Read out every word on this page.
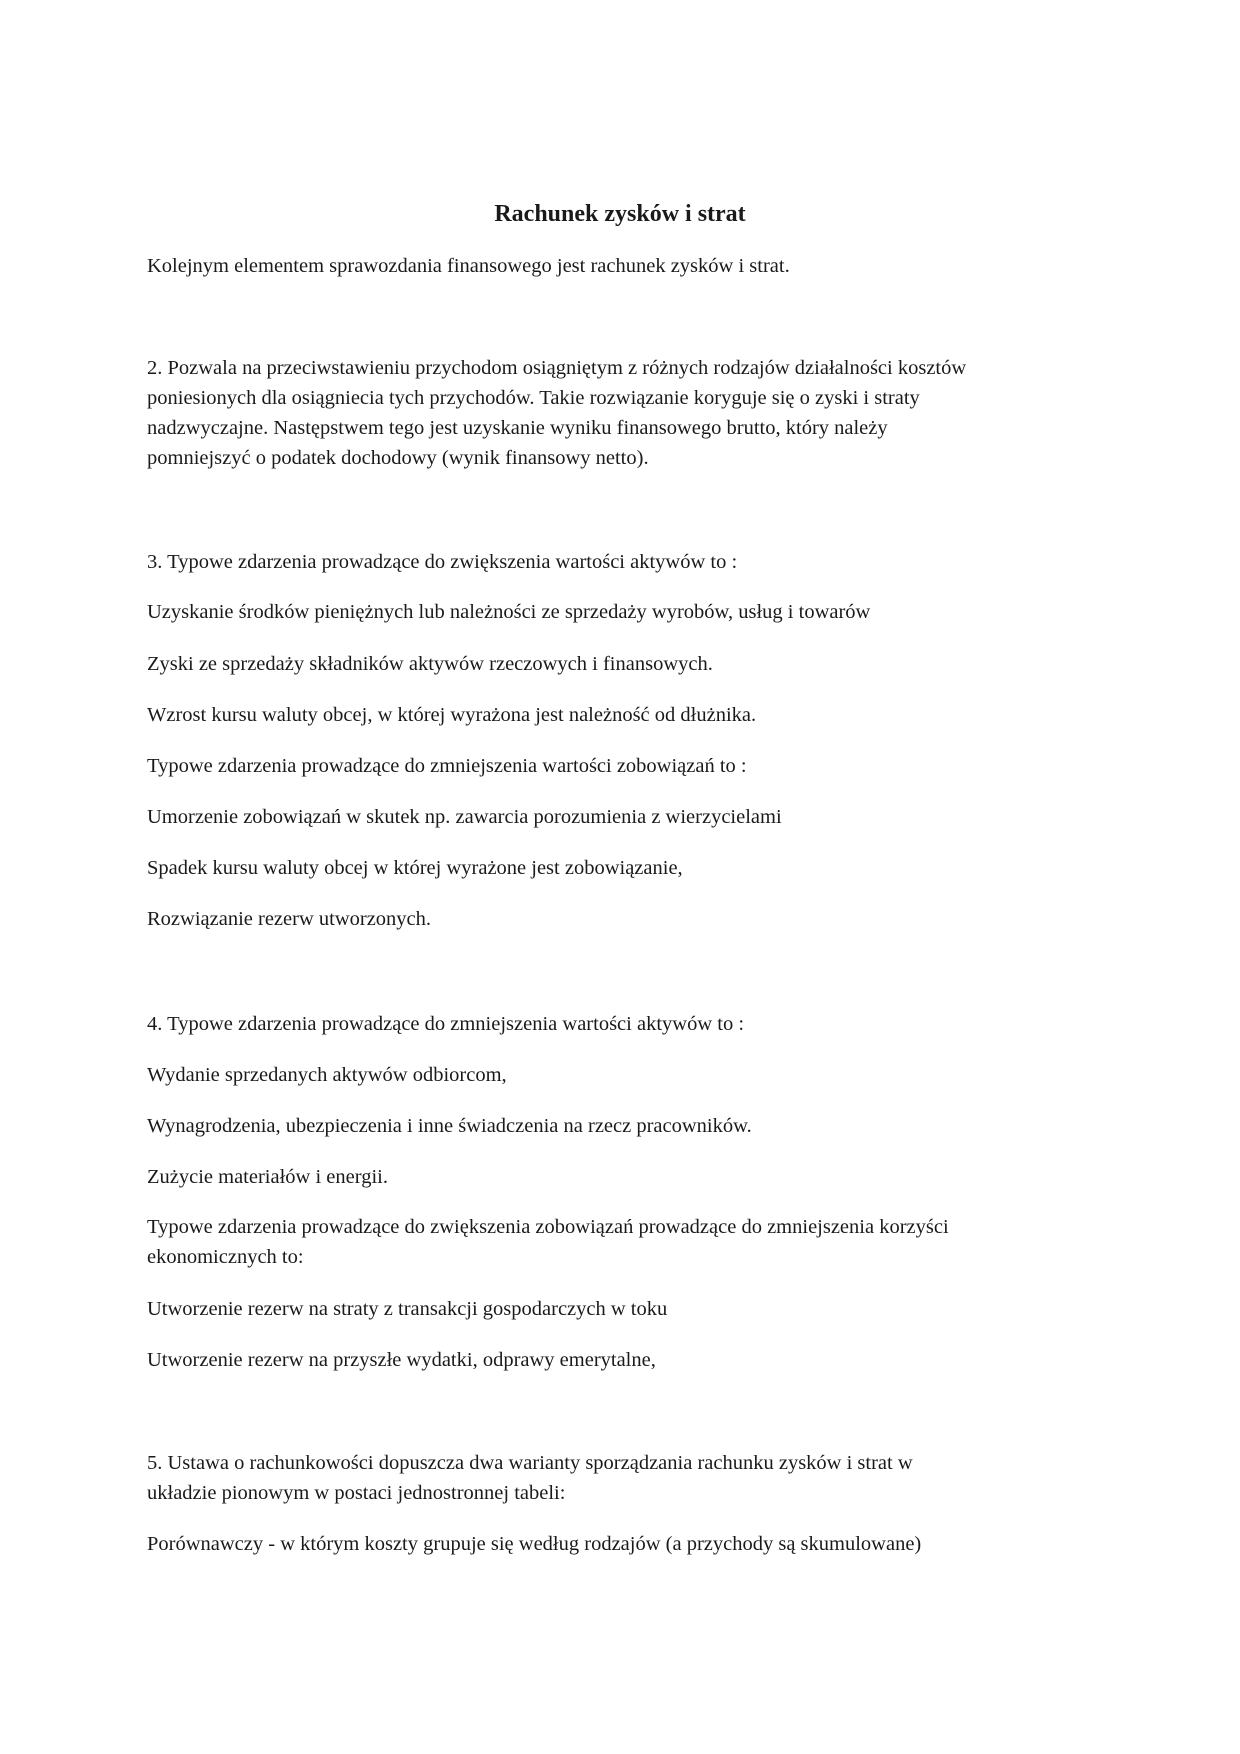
Rachunek zysków i strat
Kolejnym elementem sprawozdania finansowego jest rachunek zysków i strat.
2. Pozwala na przeciwstawieniu przychodom osiągniętym z różnych rodzajów działalności kosztów
poniesionych dla osiągniecia tych przychodów. Takie rozwiązanie koryguje się o zyski i straty
nadzwyczajne. Następstwem tego jest uzyskanie wyniku finansowego brutto, który należy
pomniejszyć o podatek dochodowy (wynik finansowy netto).
3. Typowe zdarzenia prowadzące do zwiększenia wartości aktywów to :
Uzyskanie środków pieniężnych lub należności ze sprzedaży wyrobów, usług i towarów
Zyski ze sprzedaży składników aktywów rzeczowych i finansowych.
Wzrost kursu waluty obcej, w której wyrażona jest należność od dłużnika.
Typowe zdarzenia prowadzące do zmniejszenia wartości zobowiązań to :
Umorzenie zobowiązań w skutek np. zawarcia porozumienia z wierzycielami
Spadek kursu waluty obcej w której wyrażone jest zobowiązanie,
Rozwiązanie rezerw utworzonych.
4. Typowe zdarzenia prowadzące do zmniejszenia wartości aktywów to :
Wydanie sprzedanych aktywów odbiorcom,
Wynagrodzenia, ubezpieczenia i inne świadczenia na rzecz pracowników.
Zużycie materiałów i energii.
Typowe zdarzenia prowadzące do zwiększenia zobowiązań prowadzące do zmniejszenia korzyści
ekonomicznych to:
Utworzenie rezerw na straty z transakcji gospodarczych w toku
Utworzenie rezerw na przyszłe wydatki, odprawy emerytalne,
5. Ustawa o rachunkowości dopuszcza dwa warianty sporządzania rachunku zysków i strat w
układzie pionowym w postaci jednostronnej tabeli:
Porównawczy - w którym koszty grupuje się według rodzajów (a przychody są skumulowane)
